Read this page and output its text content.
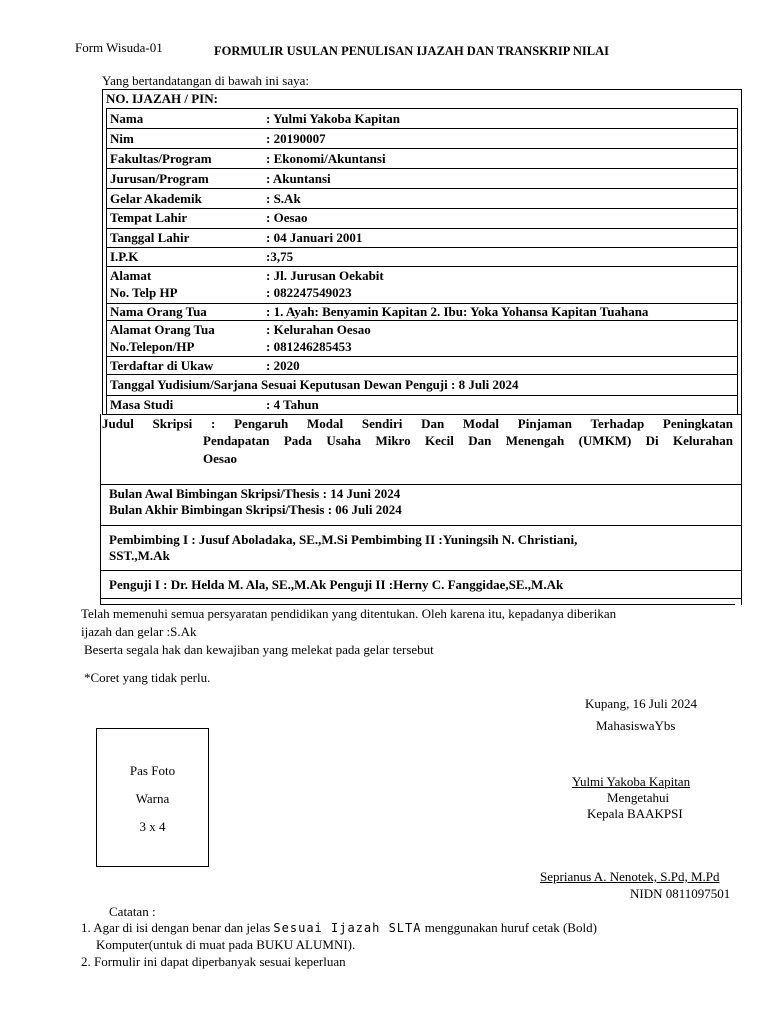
Form Wisuda-01	FORMULIR USULAN PENULISAN IJAZAH DAN TRANSKRIP NILAI
Yang bertandatangan di bawah ini saya:
NO. IJAZAH / PIN:
Nama	: Yulmi Yakoba Kapitan
Nim	: 20190007
Fakultas/Program	: Ekonomi/Akuntansi
Jurusan/Program	: Akuntansi
Gelar Akademik	: S.Ak
Tempat Lahir	: Oesao
Tanggal Lahir	: 04 Januari 2001
I.P.K	:3,75
Alamat	: Jl. Jurusan Oekabit
No. Telp HP	: 082247549023
Nama Orang Tua	: 1. Ayah: Benyamin Kapitan 2. Ibu: Yoka Yohansa Kapitan Tuahana
Alamat Orang Tua	: Kelurahan Oesao
No.Telepon/HP	: 081246285453
Terdaftar di Ukaw	: 2020
Tanggal Yudisium/Sarjana Sesuai Keputusan Dewan Penguji : 8 Juli 2024
Masa Studi	: 4 Tahun
Judul Skripsi : Pengaruh Modal Sendiri Dan Modal Pinjaman Terhadap Peningkatan
Pendapatan Pada Usaha Mikro Kecil Dan Menengah (UMKM) Di Kelurahan
Oesao
Bulan Awal Bimbingan Skripsi/Thesis : 14 Juni 2024
Bulan Akhir Bimbingan Skripsi/Thesis : 06 Juli 2024
Pembimbing I : Jusuf Aboladaka, SE.,M.Si Pembimbing II :Yuningsih N. Christiani,
SST.,M.Ak
Penguji I : Dr. Helda M. Ala, SE.,M.Ak Penguji II :Herny C. Fanggidae,SE.,M.Ak
Telah memenuhi semua persyaratan pendidikan yang ditentukan. Oleh karena itu, kepadanya diberikan
ijazah dan gelar :S.Ak
Beserta segala hak dan kewajiban yang melekat pada gelar tersebut
*Coret yang tidak perlu.
Kupang, 16 Juli 2024
MahasiswaYbs
Pas Foto
Warna
3 x 4
Yulmi Yakoba Kapitan
Mengetahui
Kepala BAAKPSI
Seprianus A. Nenotek, S.Pd, M.Pd
NIDN 0811097501
Catatan :
1. Agar di isi dengan benar dan jelas Sesuai Ijazah SLTA menggunakan huruf cetak (Bold)
Komputer(untuk di muat pada BUKU ALUMNI).
2. Formulir ini dapat diperbanyak sesuai keperluan
